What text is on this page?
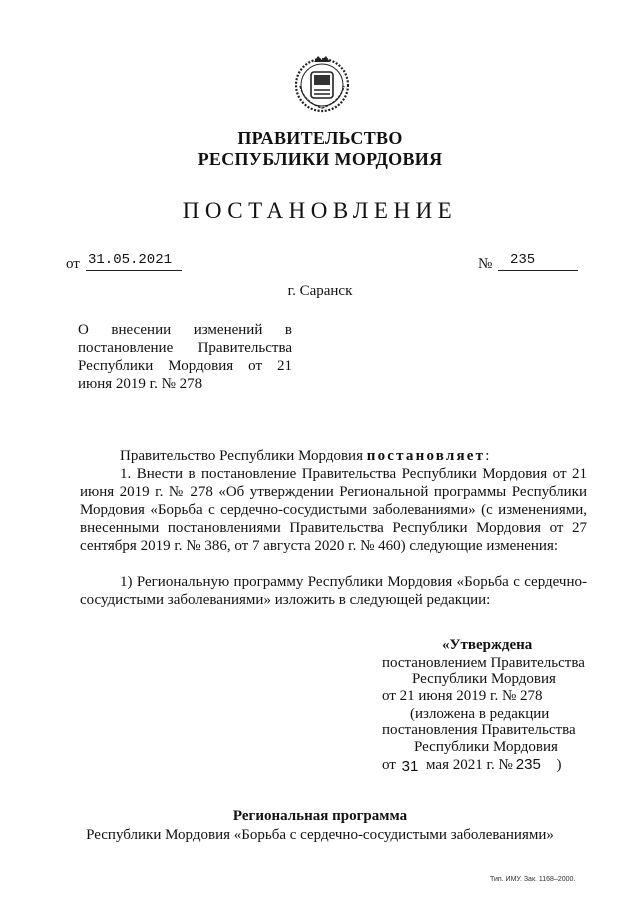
ПРАВИТЕЛЬСТВО
РЕСПУБЛИКИ МОРДОВИЯ
ПОСТАНОВЛЕНИЕ
от 31.05.2021	№ 235
г. Саранск
О внесении изменений в постановление Правительства Республики Мордовия от 21 июня 2019 г. № 278
Правительство Республики Мордовия постановляет:
1. Внести в постановление Правительства Республики Мордовия от 21 июня 2019 г. № 278 «Об утверждении Региональной программы Республики Мордовия «Борьба с сердечно-сосудистыми заболеваниями» (с изменениями, внесенными постановлениями Правительства Республики Мордовия от 27 сентября 2019 г. № 386, от 7 августа 2020 г. № 460) следующие изменения:
1) Региональную программу Республики Мордовия «Борьба с сердечно-сосудистыми заболеваниями» изложить в следующей редакции:
«Утверждена
постановлением Правительства
Республики Мордовия
от 21 июня 2019 г. № 278
(изложена в редакции
постановления Правительства
Республики Мордовия
от 31 мая 2021 г. № 235 )
Региональная программа
Республики Мордовия «Борьба с сердечно-сосудистыми заболеваниями»
Тип. ИМУ. Зак. 1168–2000.
